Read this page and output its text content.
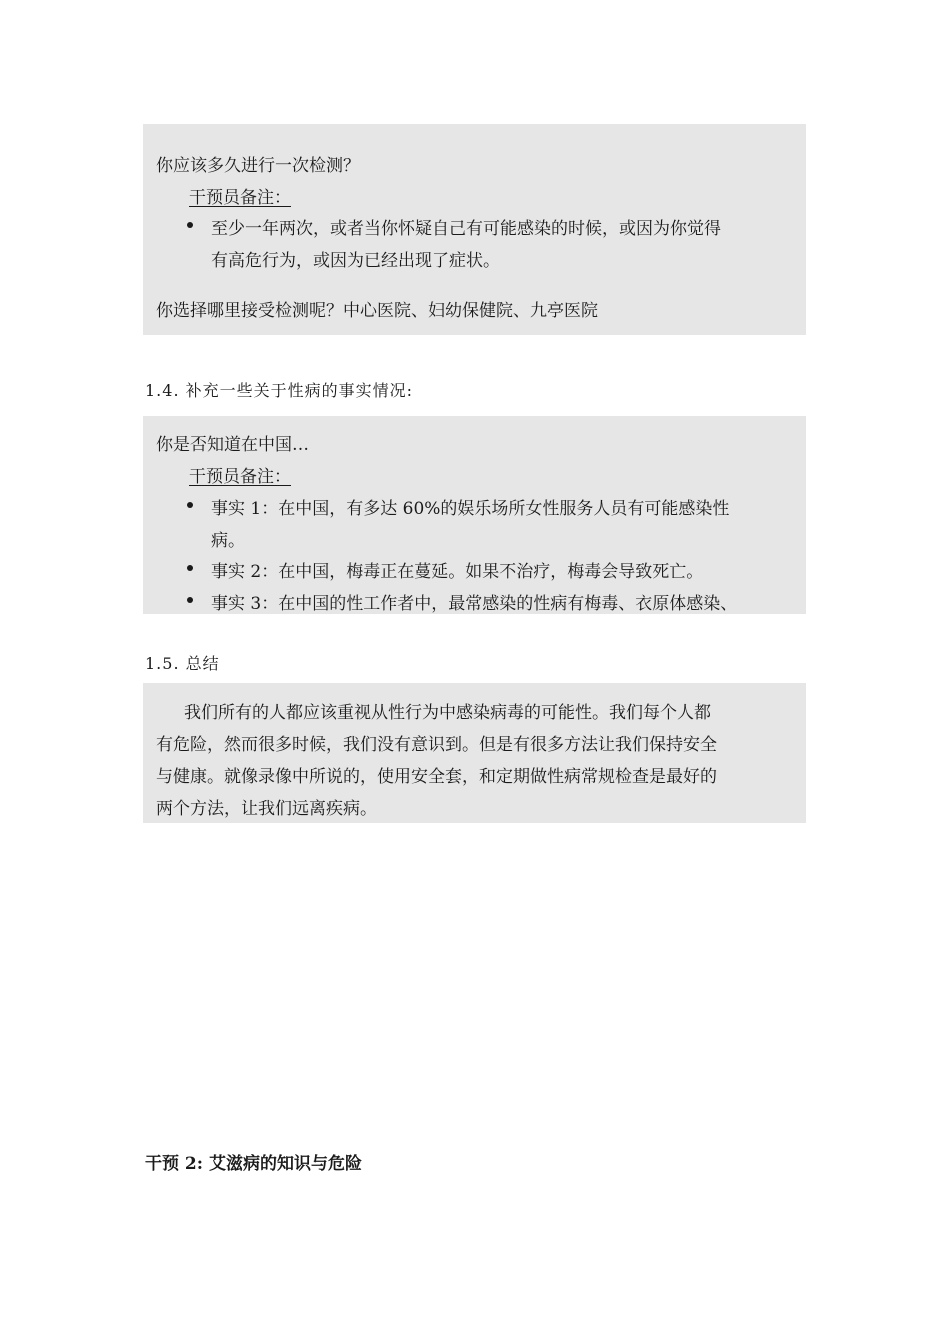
你应该多久进行一次检测？
干预员备注：
至少一年两次，或者当你怀疑自己有可能感染的时候，或因为你觉得
有高危行为，或因为已经出现了症状。
你选择哪里接受检测呢？中心医院、妇幼保健院、九亭医院
1.4. 补充一些关于性病的事实情况:
你是否知道在中国…
干预员备注：
事实 1：在中国，有多达 60%的娱乐场所女性服务人员有可能感染性
病。
事实 2：在中国，梅毒正在蔓延。如果不治疗，梅毒会导致死亡。
事实 3：在中国的性工作者中，最常感染的性病有梅毒、衣原体感染、
1.5. 总结
我们所有的人都应该重视从性行为中感染病毒的可能性。我们每个人都
有危险，然而很多时候，我们没有意识到。但是有很多方法让我们保持安全
与健康。就像录像中所说的，使用安全套，和定期做性病常规检查是最好的
两个方法，让我们远离疾病。
干预 2: 艾滋病的知识与危险
